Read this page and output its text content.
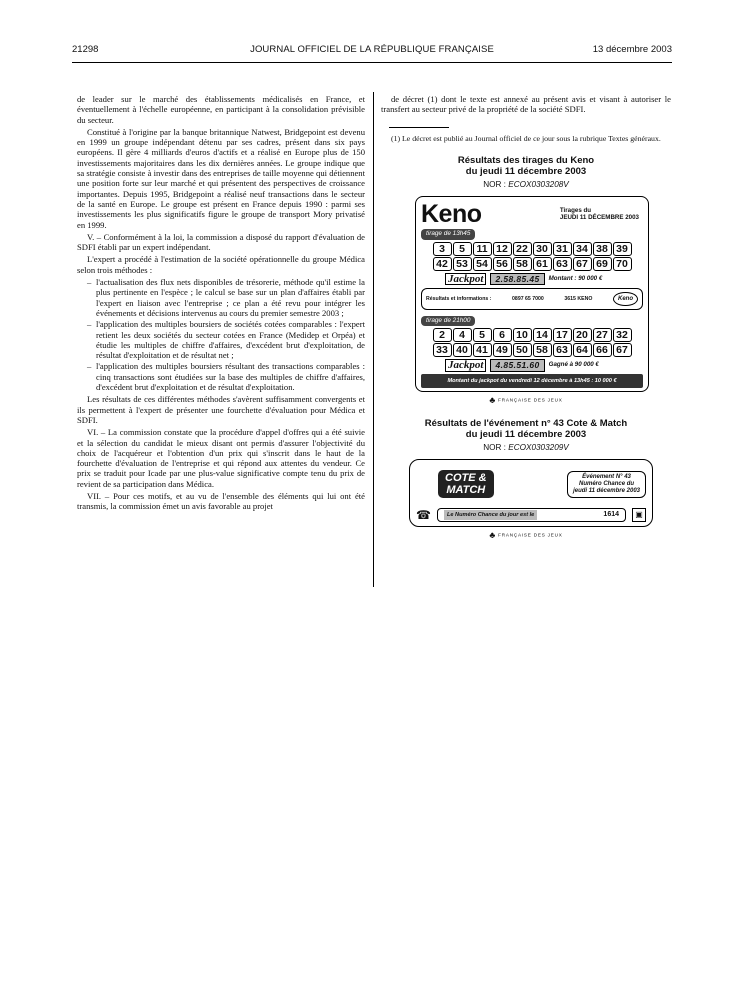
21298	JOURNAL OFFICIEL DE LA RÉPUBLIQUE FRANÇAISE	13 décembre 2003

de leader sur le marché des établissements médicalisés en France, et éventuellement à l'échelle européenne, en participant à la consolidation prévisible du secteur.

Constitué à l'origine par la banque britannique Natwest, Bridgepoint est devenu en 1999 un groupe indépendant détenu par ses cadres, présent dans six pays européens. Il gère 4 milliards d'euros d'actifs et a réalisé en Europe plus de 150 investissements majoritaires dans les dix dernières années. Le groupe indique que sa stratégie consiste à investir dans des entreprises de taille moyenne qui détiennent une position forte sur leur marché et qui présentent des perspectives de croissance importantes. Depuis 1995, Bridgepoint a réalisé neuf transactions dans le secteur de la santé en Europe. Le groupe est présent en France depuis 1990 : parmi ses investissements les plus significatifs figure le groupe de transport Mory privatisé en 1999.

V. – Conformément à la loi, la commission a disposé du rapport d'évaluation de SDFI établi par un expert indépendant.

L'expert a procédé à l'estimation de la société opérationnelle du groupe Médica selon trois méthodes :

– l'actualisation des flux nets disponibles de trésorerie, méthode qu'il estime la plus pertinente en l'espèce ; le calcul se base sur un plan d'affaires établi par l'expert en liaison avec l'entreprise ; ce plan a été revu pour intégrer les événements et décisions intervenus au cours du premier semestre 2003 ;
– l'application des multiples boursiers de sociétés cotées comparables : l'expert retient les deux sociétés du secteur cotées en France (Medidep et Orpéa) et étudie les multiples de chiffre d'affaires, d'excédent brut d'exploitation, de résultat d'exploitation et de résultat net ;
– l'application des multiples boursiers résultant des transactions comparables : cinq transactions sont étudiées sur la base des multiples de chiffre d'affaires, d'excédent brut d'exploitation et de résultat d'exploitation.

Les résultats de ces différentes méthodes s'avèrent suffisamment convergents et ils permettent à l'expert de présenter une fourchette d'évaluation pour Médica et SDFI.

VI. – La commission constate que la procédure d'appel d'offres qui a été suivie et la sélection du candidat le mieux disant ont permis d'assurer l'objectivité du choix de l'acquéreur et l'obtention d'un prix qui s'inscrit dans le haut de la fourchette d'évaluation de l'entreprise et qui répond aux attentes du vendeur. Ce prix se traduit pour Icade par une plus-value significative compte tenu du prix de revient de sa participation dans Médica.

VII. – Pour ces motifs, et au vu de l'ensemble des éléments qui lui ont été transmis, la commission émet un avis favorable au projet

de décret (1) dont le texte est annexé au présent avis et visant à autoriser le transfert au secteur privé de la propriété de la société SDFI.

(1) Le décret est publié au Journal officiel de ce jour sous la rubrique Textes généraux.

Résultats des tirages du Keno
du jeudi 11 décembre 2003
NOR : ECOX0303208V
Keno	Tirages du
JEUDI 11 DÉCEMBRE 2003
tirage de 13h45
3	5	11 12 22 30 31 34 38 39
42 53 54 56 58 61 63 67 69 70
Jackpot	2.58.85.45	Montant : 90 000 €
Résultats et informations :	0897 65 7000	3615 KENO	Keno
tirage de 21h00
2	4	5	6	10 14 17 20 27 32
33 40 41 49 50 58 63 64 66 67
Jackpot	4.85.51.60	Gagné à 90 000 €
Montant du jackpot du vendredi 12 décembre à 13h45 : 10 000 €
♣ FRANÇAISE DES JEUX
Résultats de l'événement n° 43 Cote & Match
du jeudi 11 décembre 2003
NOR : ECOX0303209V
COTE &
MATCH
Événement N° 43
Numéro Chance du
jeudi 11 décembre 2003
☎	Le Numéro Chance du jour est le	1614	▣
♣ FRANÇAISE DES JEUX
